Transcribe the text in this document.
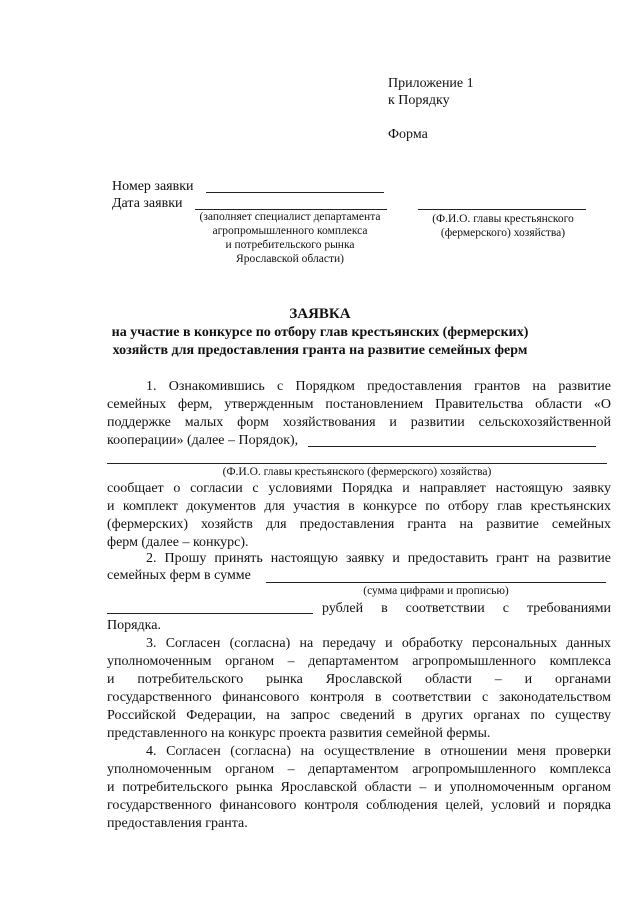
Приложение 1
к Порядку
Форма
Номер заявки
Дата заявки
(заполняет специалист департамента
агропромышленного комплекса
и потребительского рынка
Ярославской области)
(Ф.И.О. главы крестьянского
(фермерского) хозяйства)
ЗАЯВКА
на участие в конкурсе по отбору глав крестьянских (фермерских)
хозяйств для предоставления гранта на развитие семейных ферм
1. Ознакомившись с Порядком предоставления грантов на развитие
семейных ферм, утвержденным постановлением Правительства области «О
поддержке малых форм хозяйствования и развитии сельскохозяйственной
кооперации» (далее – Порядок),
(Ф.И.О. главы крестьянского (фермерского) хозяйства)
сообщает о согласии с условиями Порядка и направляет настоящую заявку
и комплект документов для участия в конкурсе по отбору глав крестьянских
(фермерских) хозяйств для предоставления гранта на развитие семейных
ферм (далее – конкурс).
2. Прошу принять настоящую заявку и предоставить грант на развитие
семейных ферм в сумме
(сумма цифрами и прописью)
рублей в соответствии с требованиями
Порядка.
3. Согласен (согласна) на передачу и обработку персональных данных
уполномоченным органом – департаментом агропромышленного комплекса
и потребительского рынка Ярославской области – и органами
государственного финансового контроля в соответствии с законодательством
Российской Федерации, на запрос сведений в других органах по существу
представленного на конкурс проекта развития семейной фермы.
4. Согласен (согласна) на осуществление в отношении меня проверки
уполномоченным органом – департаментом агропромышленного комплекса
и потребительского рынка Ярославской области – и уполномоченным органом
государственного финансового контроля соблюдения целей, условий и порядка
предоставления гранта.
